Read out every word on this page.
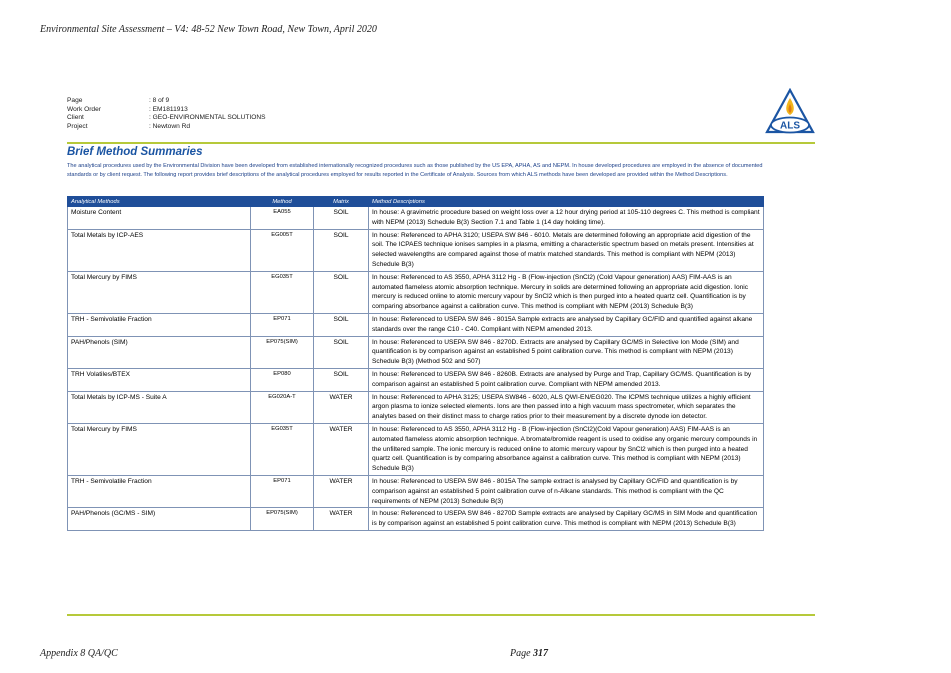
Environmental Site Assessment – V4: 48-52 New Town Road, New Town, April 2020
Page	: 8 of 9
Work Order	: EM1811913
Client	: GEO-ENVIRONMENTAL SOLUTIONS
Project	: Newtown Rd	ALS
Brief Method Summaries
The analytical procedures used by the Environmental Division have been developed from established internationally recognized procedures such as those published by the US EPA, APHA, AS and NEPM. In house developed procedures are employed in the absence of documented standards or by client request. The following report provides brief descriptions of the analytical procedures employed for results reported in the Certificate of Analysis. Sources from which ALS methods have been developed are provided within the Method Descriptions.
Analytical Methods	Method	Matrix	Method Descriptions
Moisture Content	EA055	SOIL	In house: A gravimetric procedure based on weight loss over a 12 hour drying period at 105-110 degrees C. This method is compliant with NEPM (2013) Schedule B(3) Section 7.1 and Table 1 (14 day holding time).
Total Metals by ICP-AES	EG005T	SOIL	In house: Referenced to APHA 3120; USEPA SW 846 - 6010. Metals are determined following an appropriate acid digestion of the soil. The ICPAES technique ionises samples in a plasma, emitting a characteristic spectrum based on metals present. Intensities at selected wavelengths are compared against those of matrix matched standards. This method is compliant with NEPM (2013) Schedule B(3)
Total Mercury by FIMS	EG035T	SOIL	In house: Referenced to AS 3550, APHA 3112 Hg - B (Flow-injection (SnCl2) (Cold Vapour generation) AAS) FIM-AAS is an automated flameless atomic absorption technique. Mercury in solids are determined following an appropriate acid digestion. Ionic mercury is reduced online to atomic mercury vapour by SnCl2 which is then purged into a heated quartz cell. Quantification is by comparing absorbance against a calibration curve. This method is compliant with NEPM (2013) Schedule B(3)
TRH - Semivolatile Fraction	EP071	SOIL	In house: Referenced to USEPA SW 846 - 8015A Sample extracts are analysed by Capillary GC/FID and quantified against alkane standards over the range C10 - C40. Compliant with NEPM amended 2013.
PAH/Phenols (SIM)	EP075(SIM)	SOIL	In house: Referenced to USEPA SW 846 - 8270D. Extracts are analysed by Capillary GC/MS in Selective Ion Mode (SIM) and quantification is by comparison against an established 5 point calibration curve. This method is compliant with NEPM (2013) Schedule B(3) (Method 502 and 507)
TRH Volatiles/BTEX	EP080	SOIL	In house: Referenced to USEPA SW 846 - 8260B. Extracts are analysed by Purge and Trap, Capillary GC/MS. Quantification is by comparison against an established 5 point calibration curve. Compliant with NEPM amended 2013.
Total Metals by ICP-MS - Suite A	EG020A-T	WATER	In house: Referenced to APHA 3125; USEPA SW846 - 6020, ALS QWI-EN/EG020. The ICPMS technique utilizes a highly efficient argon plasma to ionize selected elements. Ions are then passed into a high vacuum mass spectrometer, which separates the analytes based on their distinct mass to charge ratios prior to their measurement by a discrete dynode ion detector.
Total Mercury by FIMS	EG035T	WATER	In house: Referenced to AS 3550, APHA 3112 Hg - B (Flow-injection (SnCl2)(Cold Vapour generation) AAS) FIM-AAS is an automated flameless atomic absorption technique. A bromate/bromide reagent is used to oxidise any organic mercury compounds in the unfiltered sample. The ionic mercury is reduced online to atomic mercury vapour by SnCl2 which is then purged into a heated quartz cell. Quantification is by comparing absorbance against a calibration curve. This method is compliant with NEPM (2013) Schedule B(3)
TRH - Semivolatile Fraction	EP071	WATER	In house: Referenced to USEPA SW 846 - 8015A The sample extract is analysed by Capillary GC/FID and quantification is by comparison against an established 5 point calibration curve of n-Alkane standards. This method is compliant with the QC requirements of NEPM (2013) Schedule B(3)
PAH/Phenols (GC/MS - SIM)	EP075(SIM)	WATER	In house: Referenced to USEPA SW 846 - 8270D Sample extracts are analysed by Capillary GC/MS in SIM Mode and quantification is by comparison against an established 5 point calibration curve. This method is compliant with NEPM (2013) Schedule B(3)
Appendix 8 QA/QC	Page 317
